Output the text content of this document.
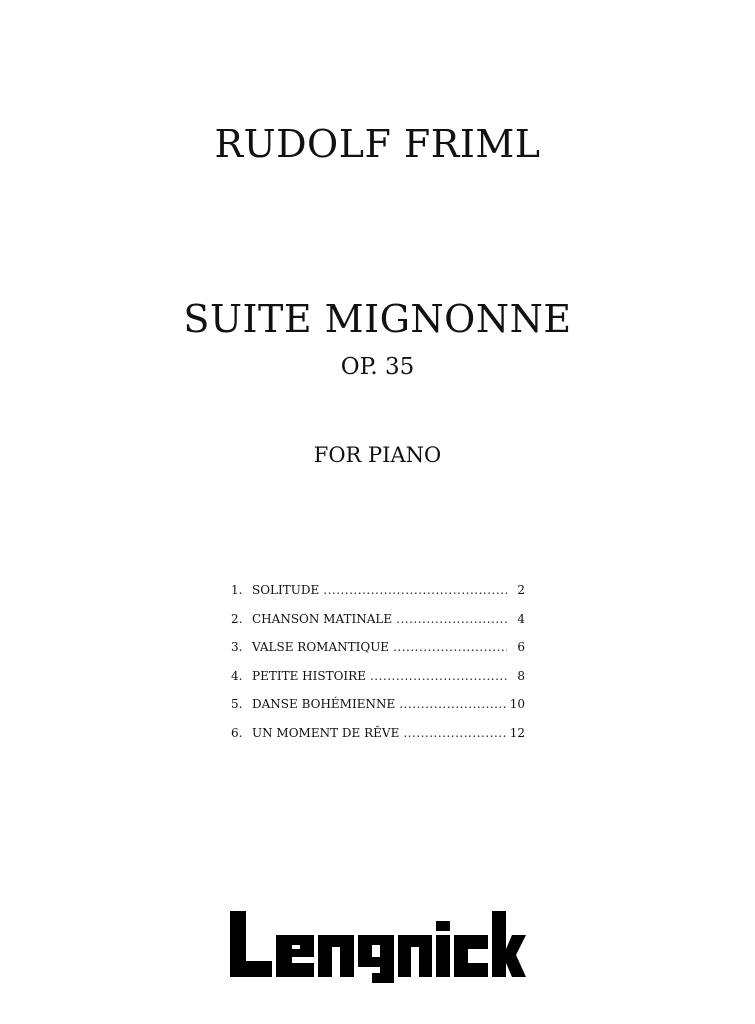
RUDOLF FRIML
SUITE MIGNONNE
OP. 35
FOR PIANO
1. SOLITUDE .....	2
2. CHANSON MATINALE .....	4
3. VALSE ROMANTIQUE .....	6
4. PETITE HISTOIRE .....	8
5. DANSE BOHÉMIENNE .....	10
6. UN MOMENT DE RÊVE .....	12
